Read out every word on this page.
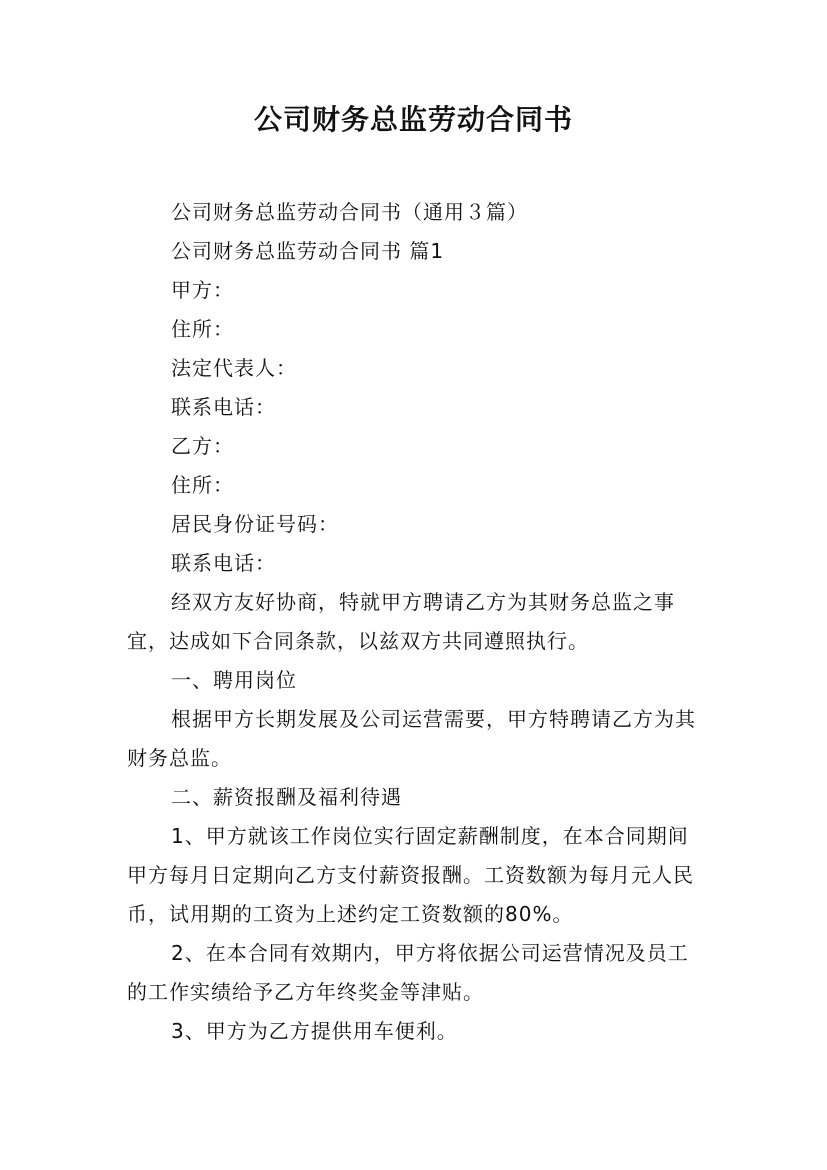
公司财务总监劳动合同书

公司财务总监劳动合同书（通用３篇）

公司财务总监劳动合同书 篇1

甲方：

住所：

法定代表人：

联系电话：

乙方：

住所：

居民身份证号码：

联系电话：

经双方友好协商，特就甲方聘请乙方为其财务总监之事宜，达成如下合同条款，以兹双方共同遵照执行。

一、聘用岗位

根据甲方长期发展及公司运营需要，甲方特聘请乙方为其财务总监。

二、薪资报酬及福利待遇

1、甲方就该工作岗位实行固定薪酬制度，在本合同期间甲方每月日定期向乙方支付薪资报酬。工资数额为每月元人民币，试用期的工资为上述约定工资数额的80%。

2、在本合同有效期内，甲方将依据公司运营情况及员工的工作实绩给予乙方年终奖金等津贴。

3、甲方为乙方提供用车便利。
